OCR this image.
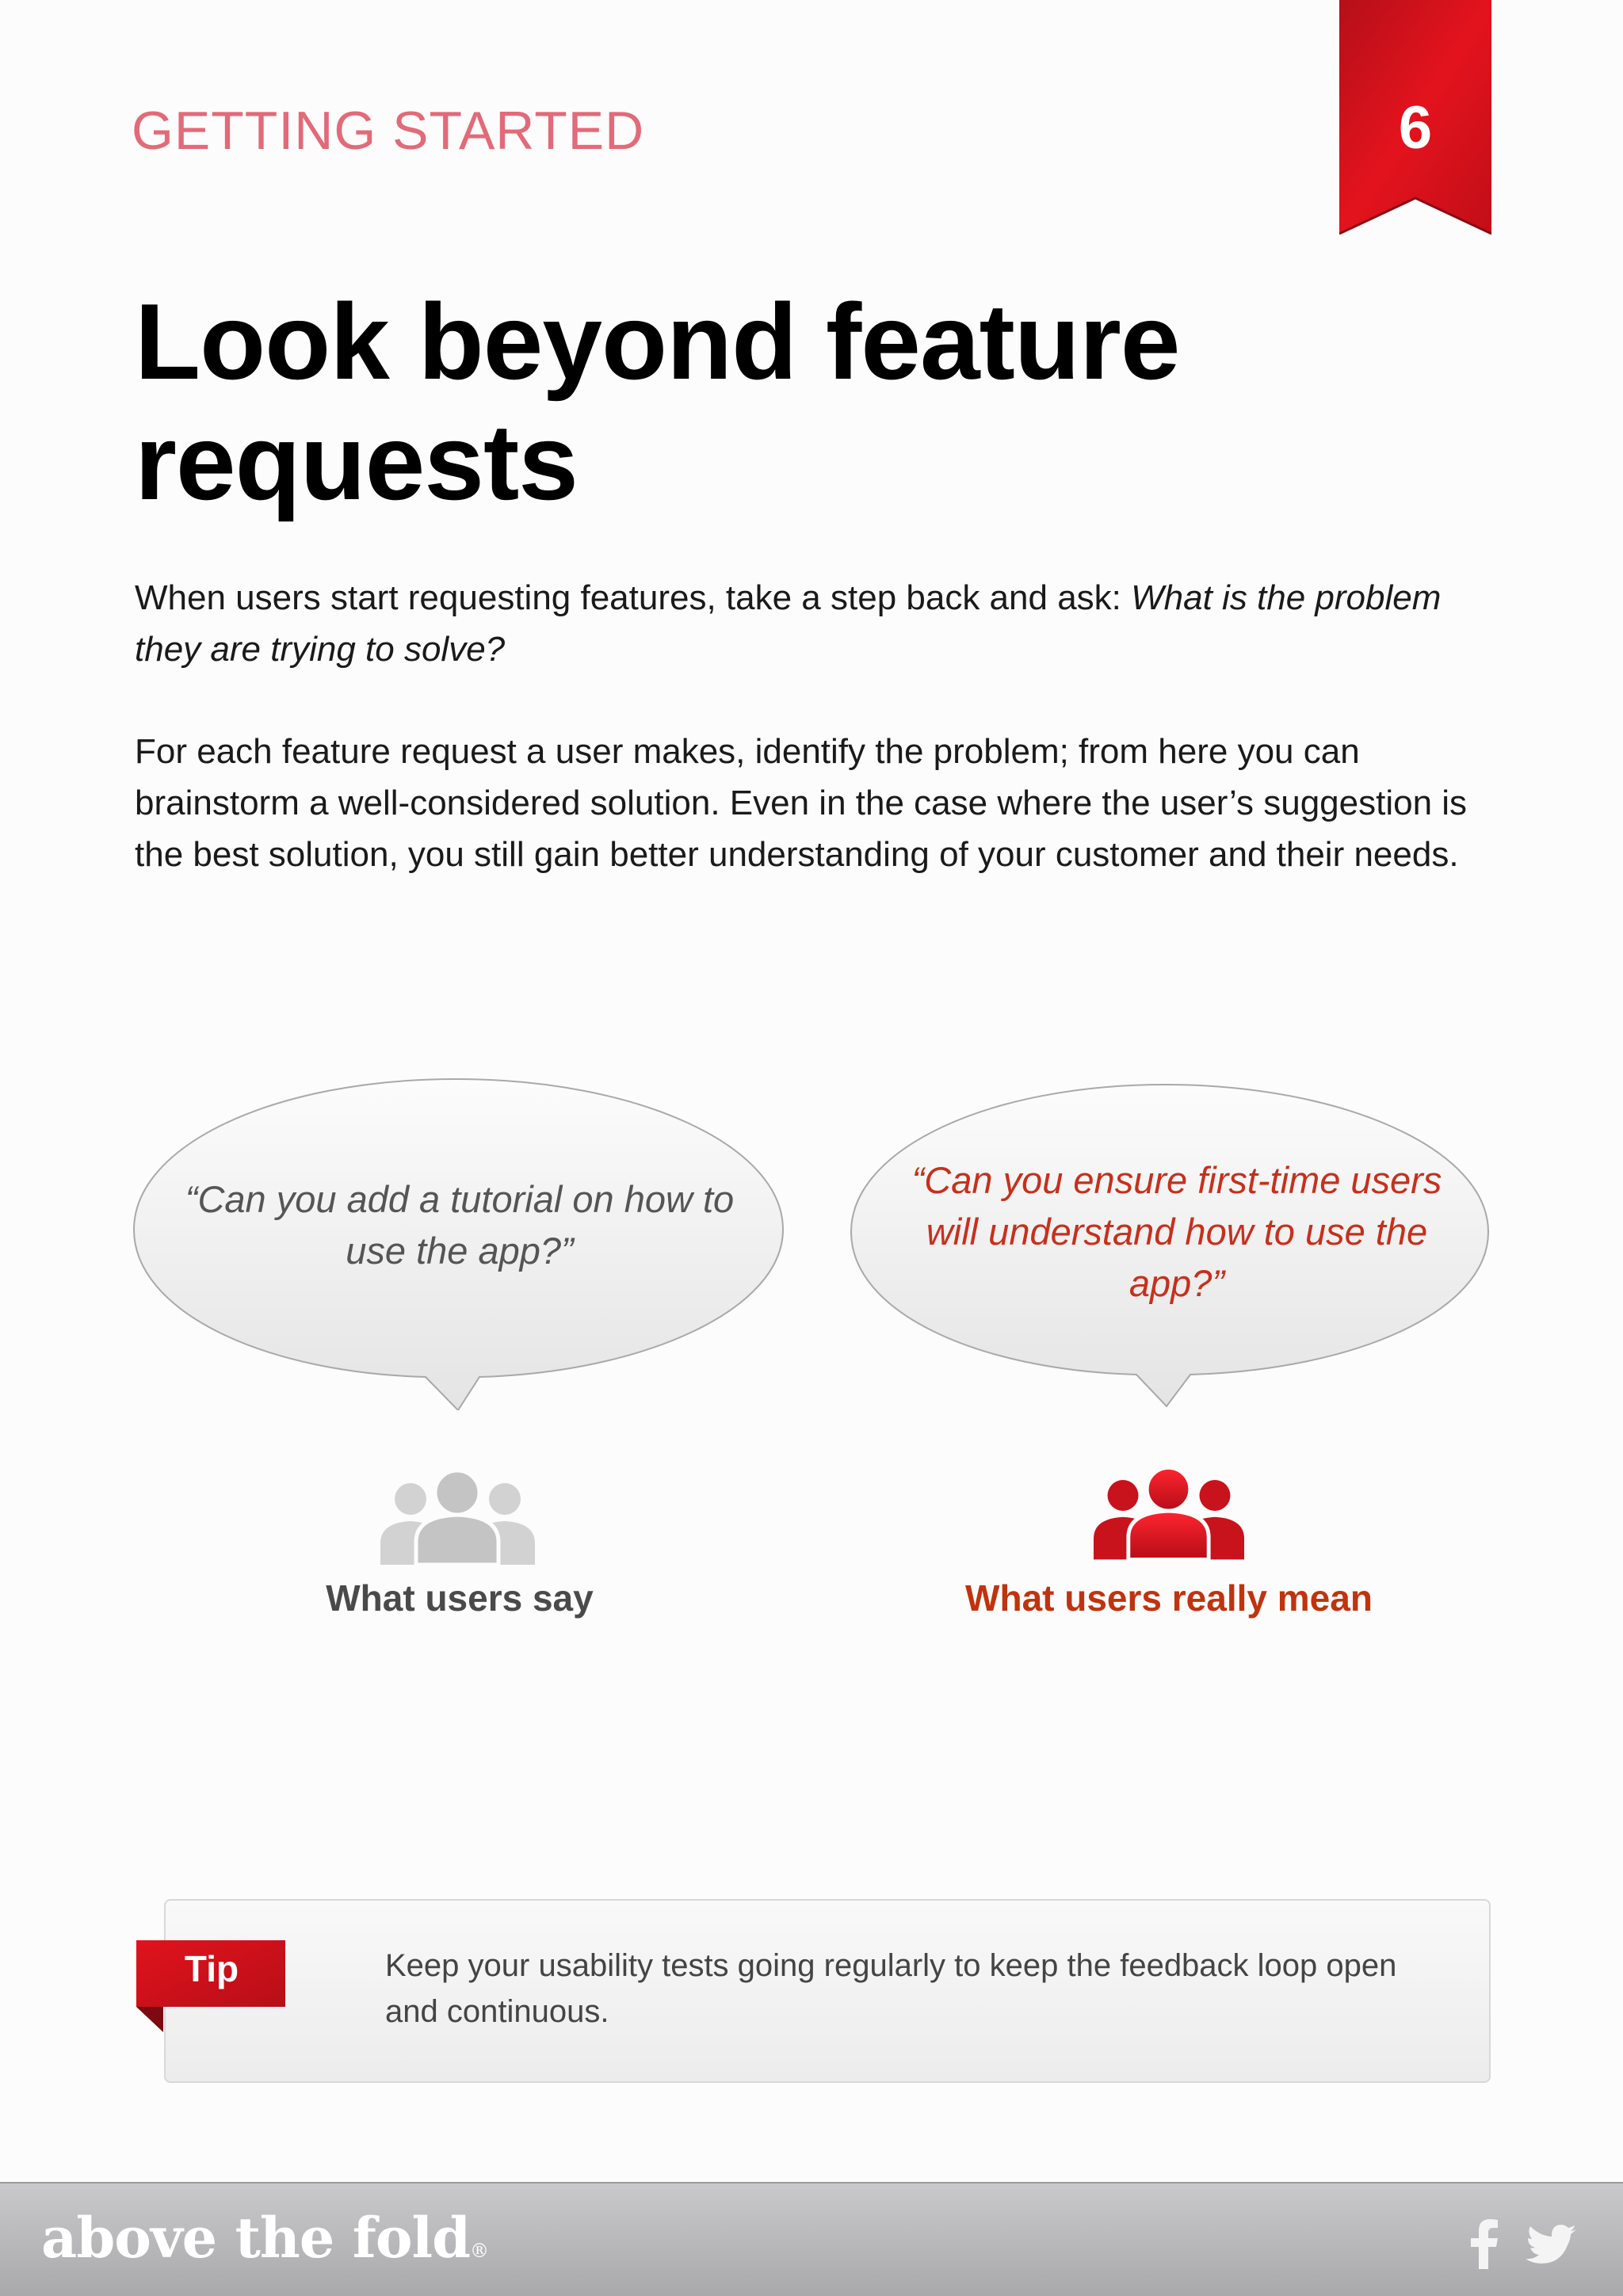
GETTING STARTED	6
Look beyond feature requests

When users start requesting features, take a step back and ask: What is the problem they are trying to solve?

For each feature request a user makes, identify the problem; from here you can brainstorm a well-considered solution. Even in the case where the user’s suggestion is the best solution, you still gain better understanding of your customer and their needs.

“Can you add a tutorial on how to use the app?”
“Can you ensure first-time users will understand how to use the app?”
What users say	What users really mean
Tip	Keep your usability tests going regularly to keep the feedback loop open and continuous.

above the fold®
